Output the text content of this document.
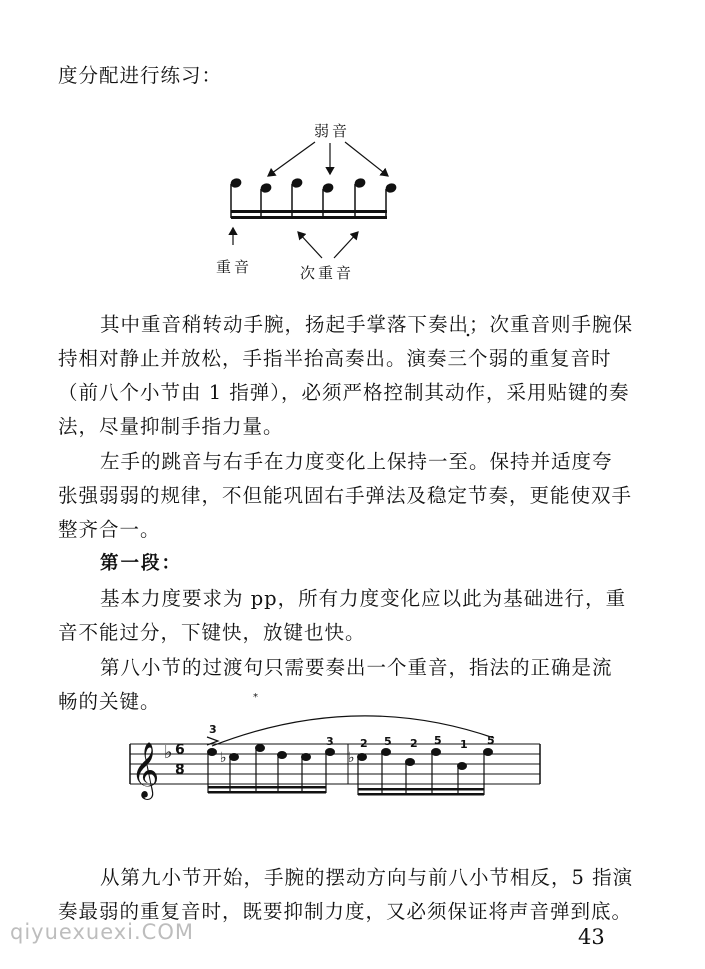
度分配进行练习：
弱音
重音	次重音
其中重音稍转动手腕，扬起手掌落下奏出；次重音则手腕保
持相对静止并放松，手指半抬高奏出。演奏三个弱的重复音时
（前八个小节由 1 指弹），必须严格控制其动作，采用贴键的奏
法，尽量抑制手指力量。
左手的跳音与右手在力度变化上保持一至。保持并适度夸
张强弱弱的规律，不但能巩固右手弹法及稳定节奏，更能使双手
整齐合一。
第一段：
基本力度要求为 pp，所有力度变化应以此为基础进行，重
音不能过分，下键快，放键也快。
第八小节的过渡句只需要奏出一个重音，指法的正确是流
畅的关键。
𝄞 ♭	♭	♭
*
6
8
3
3 2 5 2 5 1 5
从第九小节开始，手腕的摆动方向与前八小节相反，5 指演
奏最弱的重复音时，既要抑制力度，又必须保证将声音弹到底。
43
qiyuexuexi.COM
